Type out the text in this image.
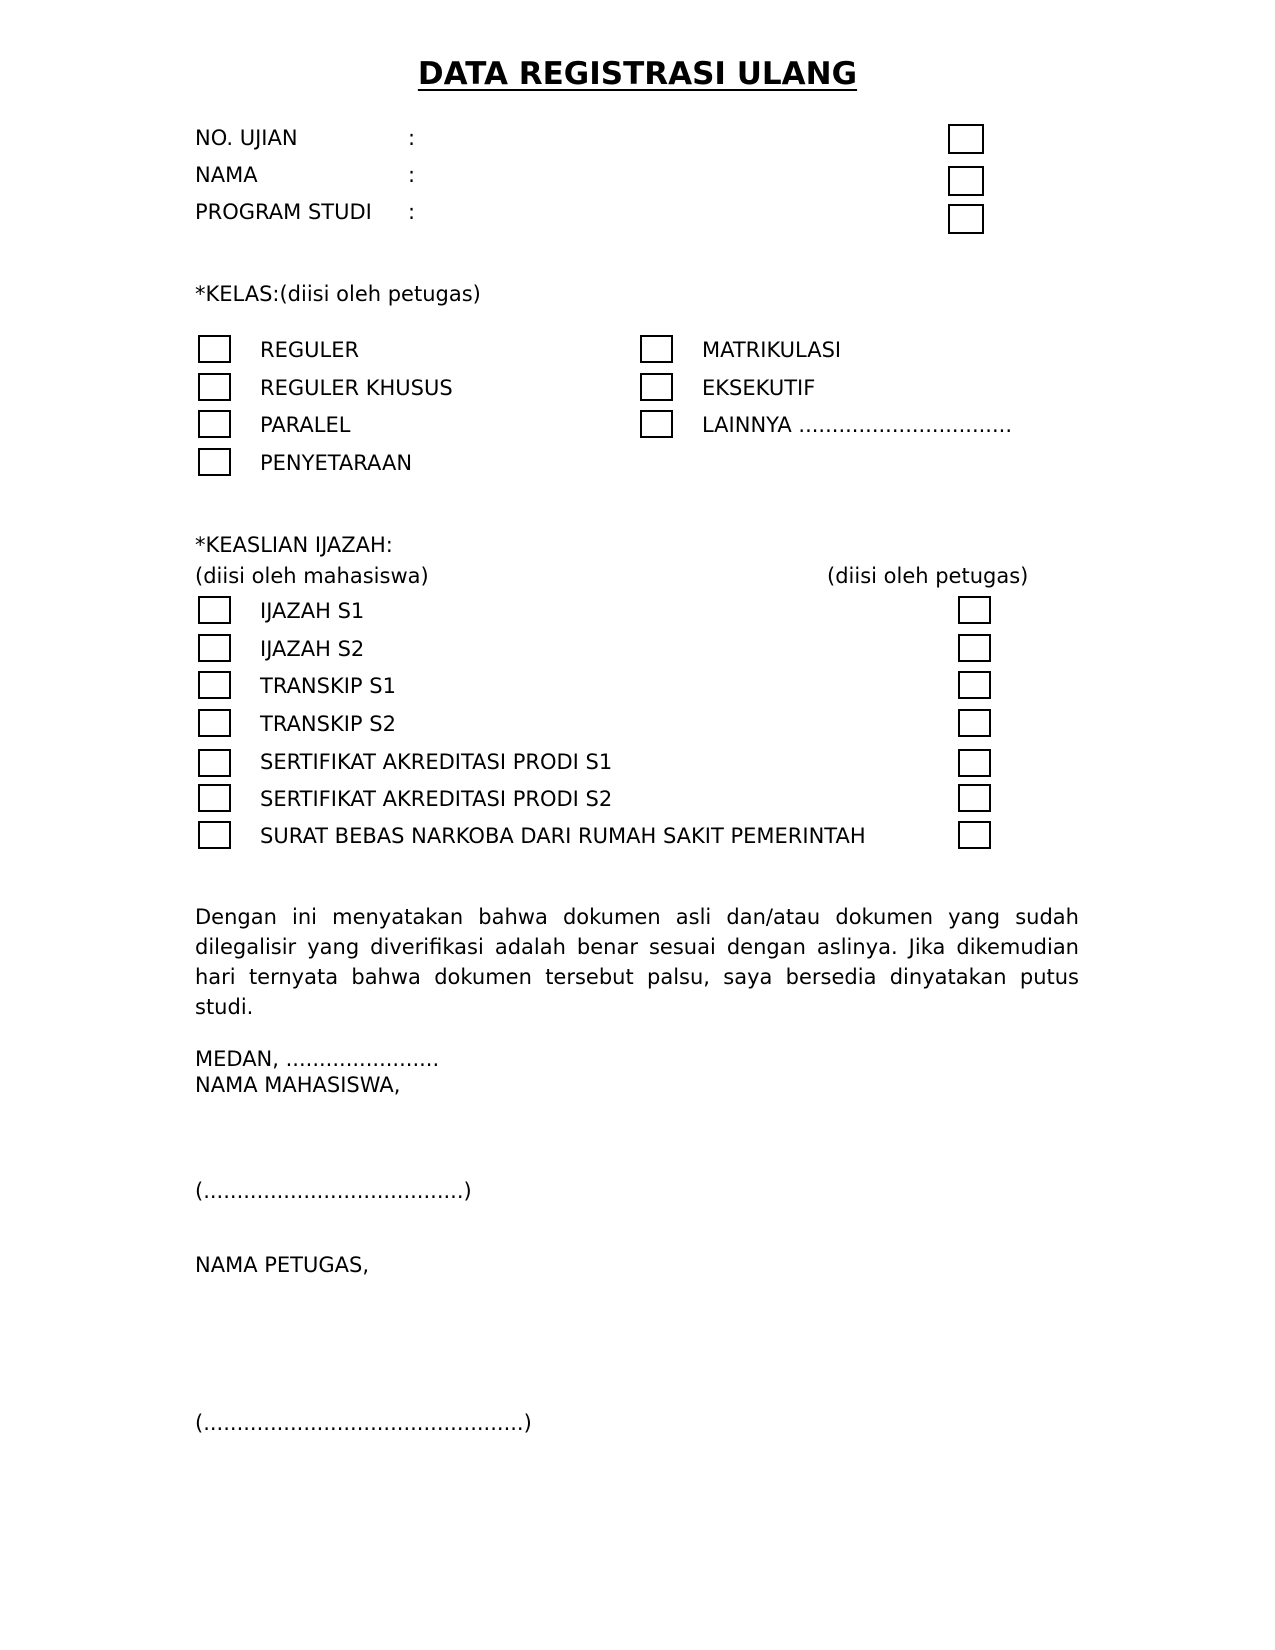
DATA REGISTRASI ULANG
NO. UJIAN	:
NAMA	:
PROGRAM STUDI :
*KELAS:(diisi oleh petugas)
REGULER
REGULER KHUSUS
PARALEL
PENYETARAAN
MATRIKULASI
EKSEKUTIF
LAINNYA ................................
*KEASLIAN IJAZAH:
(diisi oleh mahasiswa)	(diisi oleh petugas)
IJAZAH S1
IJAZAH S2
TRANSKIP S1
TRANSKIP S2
SERTIFIKAT AKREDITASI PRODI S1
SERTIFIKAT AKREDITASI PRODI S2
SURAT BEBAS NARKOBA DARI RUMAH SAKIT PEMERINTAH
Dengan ini menyatakan bahwa dokumen asli dan/atau dokumen yang sudah dilegalisir yang diverifikasi adalah benar sesuai dengan aslinya. Jika dikemudian hari ternyata bahwa dokumen tersebut palsu, saya bersedia dinyatakan putus studi.
MEDAN, .......................
NAMA MAHASISWA,
(.......................................)
NAMA PETUGAS,
(................................................)
